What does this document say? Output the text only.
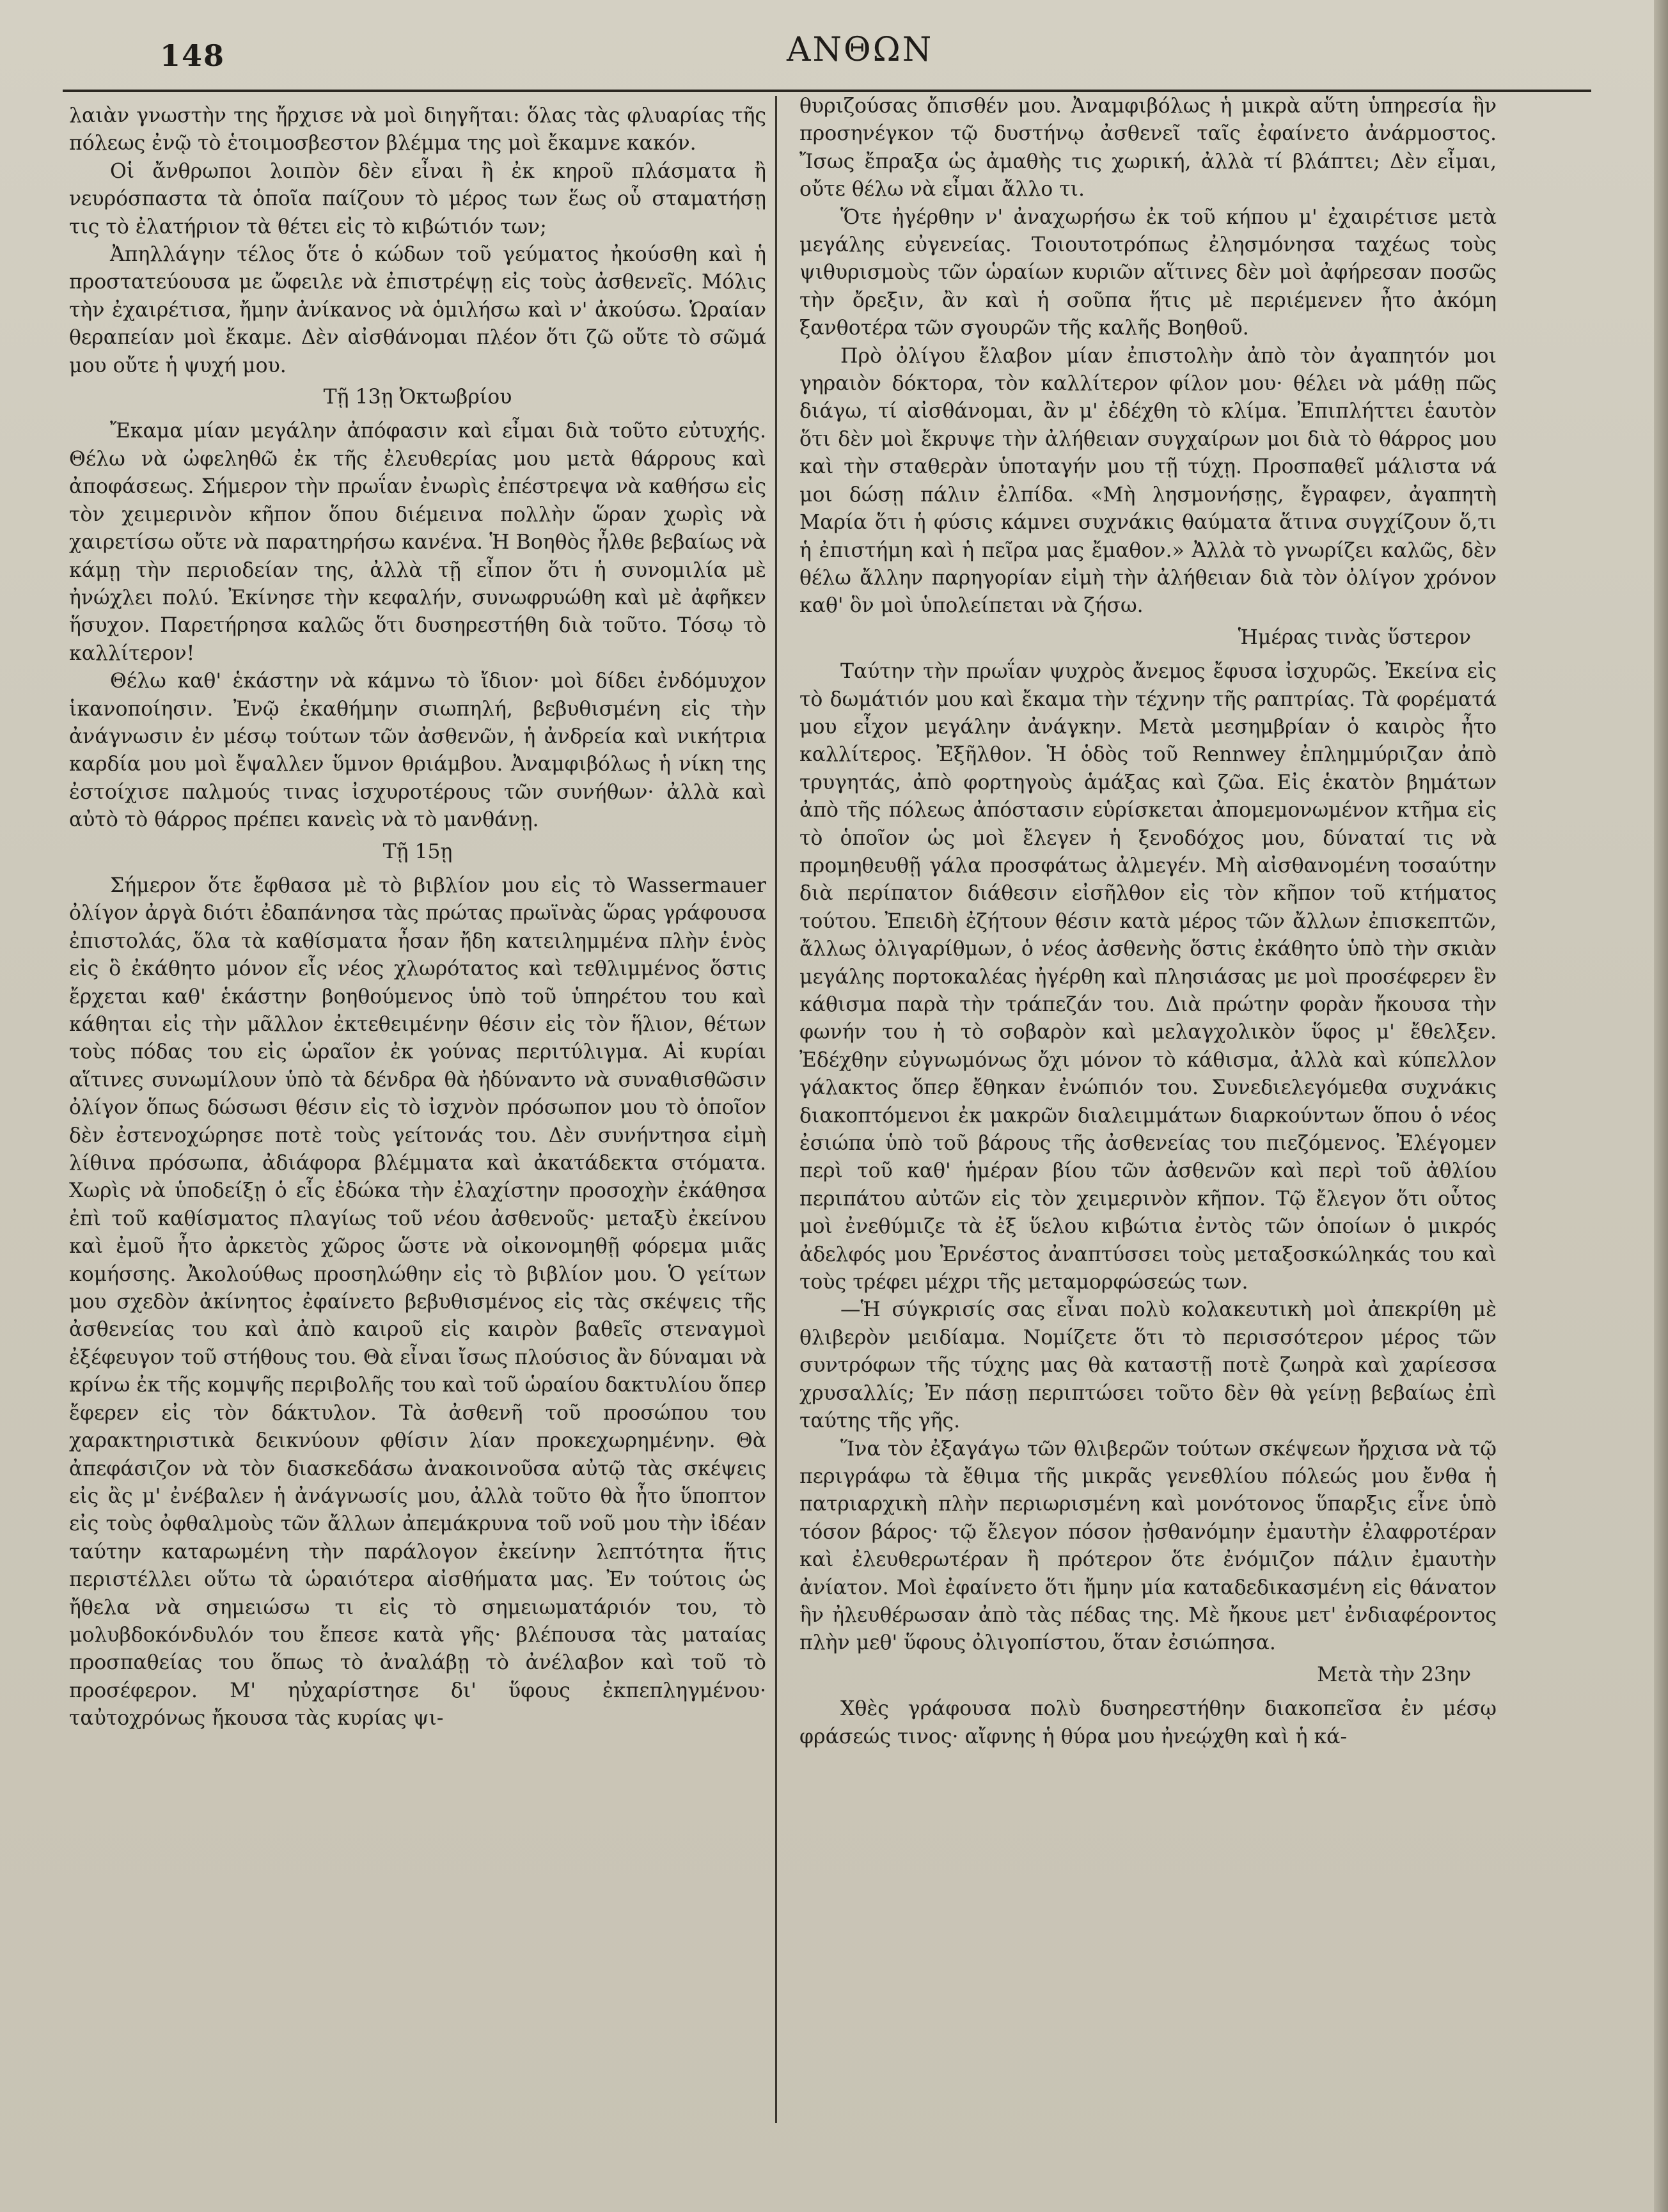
148	ΑΝΘΩΝ

λαιὰν γνωστὴν της ἤρχισε νὰ μοὶ διηγῆται: ὅλας τὰς φλυαρίας τῆς πόλεως ἐνῷ τὸ ἑτοιμοσβεστον βλέμμα της μοὶ ἔκαμνε κακόν.

Οἱ ἄνθρωποι λοιπὸν δὲν εἶναι ἢ ἐκ κηροῦ πλάσματα ἢ νευρόσπαστα τὰ ὁποῖα παίζουν τὸ μέρος των ἕως οὗ σταματήσῃ τις τὸ ἐλατήριον τὰ θέτει εἰς τὸ κιβώτιόν των;

Ἀπηλλάγην τέλος ὅτε ὁ κώδων τοῦ γεύματος ἠκούσθη καὶ ἡ προστατεύουσα με ὤφειλε νὰ ἐπιστρέψῃ εἰς τοὺς ἀσθενεῖς. Μόλις τὴν ἐχαιρέτισα, ἤμην ἀνίκανος νὰ ὁμιλήσω καὶ ν' ἀκούσω. Ὡραίαν θεραπείαν μοὶ ἔκαμε. Δὲν αἰσθάνομαι πλέον ὅτι ζῶ οὔτε τὸ σῶμά μου οὔτε ἡ ψυχή μου.

Τῇ 13ῃ Ὀκτωβρίου

Ἔκαμα μίαν μεγάλην ἀπόφασιν καὶ εἶμαι διὰ τοῦτο εὐτυχής. Θέλω νὰ ὠφεληθῶ ἐκ τῆς ἐλευθερίας μου μετὰ θάρρους καὶ ἀποφάσεως. Σήμερον τὴν πρωΐαν ἐνωρὶς ἐπέστρεψα νὰ καθήσω εἰς τὸν χειμερινὸν κῆπον ὅπου διέμεινα πολλὴν ὥραν χωρὶς νὰ χαιρετίσω οὔτε νὰ παρατηρήσω κανένα. Ἡ Βοηθὸς ἦλθε βεβαίως νὰ κάμῃ τὴν περιοδείαν της, ἀλλὰ τῇ εἶπον ὅτι ἡ συνομιλία μὲ ἠνώχλει πολύ. Ἐκίνησε τὴν κεφαλήν, συνωφρυώθη καὶ μὲ ἀφῆκεν ἥσυχον. Παρετήρησα καλῶς ὅτι δυσηρεστήθη διὰ τοῦτο. Τόσῳ τὸ καλλίτερον!

Θέλω καθ' ἑκάστην νὰ κάμνω τὸ ἴδιον· μοὶ δίδει ἐνδόμυχον ἱκανοποίησιν. Ἐνῷ ἐκαθήμην σιωπηλή, βεβυθισμένη εἰς τὴν ἀνάγνωσιν ἐν μέσῳ τούτων τῶν ἀσθενῶν, ἡ ἀνδρεία καὶ νικήτρια καρδία μου μοὶ ἔψαλλεν ὕμνον θριάμβου. Ἀναμφιβόλως ἡ νίκη της ἐστοίχισε παλμούς τινας ἰσχυροτέρους τῶν συνήθων· ἀλλὰ καὶ αὐτὸ τὸ θάρρος πρέπει κανεὶς νὰ τὸ μανθάνῃ.

Τῇ 15ῃ

Σήμερον ὅτε ἔφθασα μὲ τὸ βιβλίον μου εἰς τὸ Wassermauer ὀλίγον ἀργὰ διότι ἐδαπάνησα τὰς πρώτας πρωϊνὰς ὥρας γράφουσα ἐπιστολάς, ὅλα τὰ καθίσματα ἦσαν ἤδη κατειλημμένα πλὴν ἑνὸς εἰς ὃ ἐκάθητο μόνον εἷς νέος χλωρότατος καὶ τεθλιμμένος ὅστις ἔρχεται καθ' ἑκάστην βοηθούμενος ὑπὸ τοῦ ὑπηρέτου του καὶ κάθηται εἰς τὴν μᾶλλον ἐκτεθειμένην θέσιν εἰς τὸν ἥλιον, θέτων τοὺς πόδας του εἰς ὡραῖον ἐκ γούνας περιτύλιγμα. Αἱ κυρίαι αἵτινες συνωμίλουν ὑπὸ τὰ δένδρα θὰ ἠδύναντο νὰ συναθισθῶσιν ὀλίγον ὅπως δώσωσι θέσιν εἰς τὸ ἰσχνὸν πρόσωπον μου τὸ ὁποῖον δὲν ἐστενοχώρησε ποτὲ τοὺς γείτονάς του. Δὲν συνήντησα εἰμὴ λίθινα πρόσωπα, ἀδιάφορα βλέμματα καὶ ἀκατάδεκτα στόματα. Χωρὶς νὰ ὑποδείξῃ ὁ εἷς ἐδώκα τὴν ἐλαχίστην προσοχὴν ἐκάθησα ἐπὶ τοῦ καθίσματος πλαγίως τοῦ νέου ἀσθενοῦς· μεταξὺ ἐκείνου καὶ ἐμοῦ ἦτο ἀρκετὸς χῶρος ὥστε νὰ οἰκονομηθῇ φόρεμα μιᾶς κομήσσης. Ἀκολούθως προσηλώθην εἰς τὸ βιβλίον μου. Ὁ γείτων μου σχεδὸν ἀκίνητος ἐφαίνετο βεβυθισμένος εἰς τὰς σκέψεις τῆς ἀσθενείας του καὶ ἀπὸ καιροῦ εἰς καιρὸν βαθεῖς στεναγμοὶ ἐξέφευγον τοῦ στήθους του. Θὰ εἶναι ἴσως πλούσιος ἂν δύναμαι νὰ κρίνω ἐκ τῆς κομψῆς περιβολῆς του καὶ τοῦ ὡραίου δακτυλίου ὅπερ ἔφερεν εἰς τὸν δάκτυλον. Τὰ ἀσθενῆ τοῦ προσώπου του χαρακτηριστικὰ δεικνύουν φθίσιν λίαν προκεχωρημένην. Θὰ ἀπεφάσιζον νὰ τὸν διασκεδάσω ἀνακοινοῦσα αὐτῷ τὰς σκέψεις εἰς ἂς μ' ἐνέβαλεν ἡ ἀνάγνωσίς μου, ἀλλὰ τοῦτο θὰ ἦτο ὕποπτον εἰς τοὺς ὀφθαλμοὺς τῶν ἄλλων ἀπεμάκρυνα τοῦ νοῦ μου τὴν ἰδέαν ταύτην καταρωμένη τὴν παράλογον ἐκείνην λεπτότητα ἥτις περιστέλλει οὕτω τὰ ὡραιότερα αἰσθήματα μας. Ἐν τούτοις ὡς ἤθελα νὰ σημειώσω τι εἰς τὸ σημειωματάριόν του, τὸ μολυβδοκόνδυλόν του ἔπεσε κατὰ γῆς· βλέπουσα τὰς ματαίας προσπαθείας του ὅπως τὸ ἀναλάβῃ τὸ ἀνέλαβον καὶ τοῦ τὸ προσέφερον. Μ' ηὐχαρίστησε δι' ὕφους ἐκπεπληγμένου· ταὐτοχρόνως ἤκουσα τὰς κυρίας ψι-

θυριζούσας ὄπισθέν μου. Ἀναμφιβόλως ἡ μικρὰ αὕτη ὑπηρεσία ἣν προσηνέγκον τῷ δυστήνῳ ἀσθενεῖ ταῖς ἐφαίνετο ἀνάρμοστος. Ἴσως ἔπραξα ὡς ἀμαθὴς τις χωρική, ἀλλὰ τί βλάπτει; Δὲν εἶμαι, οὔτε θέλω νὰ εἶμαι ἄλλο τι.

Ὅτε ἠγέρθην ν' ἀναχωρήσω ἐκ τοῦ κήπου μ' ἐχαιρέτισε μετὰ μεγάλης εὐγενείας. Τοιουτοτρόπως ἐλησμόνησα ταχέως τοὺς ψιθυρισμοὺς τῶν ὡραίων κυριῶν αἵτινες δὲν μοὶ ἀφήρεσαν ποσῶς τὴν ὄρεξιν, ἂν καὶ ἡ σοῦπα ἥτις μὲ περιέμενεν ἦτο ἀκόμη ξανθοτέρα τῶν σγουρῶν τῆς καλῆς Βοηθοῦ.

Πρὸ ὀλίγου ἔλαβον μίαν ἐπιστολὴν ἀπὸ τὸν ἀγαπητόν μοι γηραιὸν δόκτορα, τὸν καλλίτερον φίλον μου· θέλει νὰ μάθῃ πῶς διάγω, τί αἰσθάνομαι, ἂν μ' ἐδέχθη τὸ κλίμα. Ἐπιπλήττει ἑαυτὸν ὅτι δὲν μοὶ ἔκρυψε τὴν ἀλήθειαν συγχαίρων μοι διὰ τὸ θάρρος μου καὶ τὴν σταθερὰν ὑποταγήν μου τῇ τύχῃ. Προσπαθεῖ μάλιστα νά μοι δώσῃ πάλιν ἐλπίδα. «Μὴ λησμονήσῃς, ἔγραφεν, ἀγαπητὴ Μαρία ὅτι ἡ φύσις κάμνει συχνάκις θαύματα ἅτινα συγχίζουν ὅ,τι ἡ ἐπιστήμη καὶ ἡ πεῖρα μας ἔμαθον.» Ἀλλὰ τὸ γνωρίζει καλῶς, δὲν θέλω ἄλλην παρηγορίαν εἰμὴ τὴν ἀλήθειαν διὰ τὸν ὀλίγον χρόνον καθ' ὃν μοὶ ὑπολείπεται νὰ ζήσω.

Ἡμέρας τινὰς ὕστερον

Ταύτην τὴν πρωΐαν ψυχρὸς ἄνεμος ἔφυσα ἰσχυρῶς. Ἐκείνα εἰς τὸ δωμάτιόν μου καὶ ἔκαμα τὴν τέχνην τῆς ραπτρίας. Τὰ φορέματά μου εἶχον μεγάλην ἀνάγκην. Μετὰ μεσημβρίαν ὁ καιρὸς ἦτο καλλίτερος. Ἐξῆλθον. Ἡ ὁδὸς τοῦ Rennwey ἐπλημμύριζαν ἀπὸ τρυγητάς, ἀπὸ φορτηγοὺς ἁμάξας καὶ ζῶα. Εἰς ἑκατὸν βημάτων ἀπὸ τῆς πόλεως ἀπόστασιν εὑρίσκεται ἀπομεμονωμένον κτῆμα εἰς τὸ ὁποῖον ὡς μοὶ ἔλεγεν ἡ ξενοδόχος μου, δύναταί τις νὰ προμηθευθῇ γάλα προσφάτως ἀλμεγέν. Μὴ αἰσθανομένη τοσαύτην διὰ περίπατον διάθεσιν εἰσῆλθον εἰς τὸν κῆπον τοῦ κτήματος τούτου. Ἐπειδὴ ἐζήτουν θέσιν κατὰ μέρος τῶν ἄλλων ἐπισκεπτῶν, ἄλλως ὀλιγαρίθμων, ὁ νέος ἀσθενὴς ὅστις ἐκάθητο ὑπὸ τὴν σκιὰν μεγάλης πορτοκαλέας ἠγέρθη καὶ πλησιάσας με μοὶ προσέφερεν ἓν κάθισμα παρὰ τὴν τράπεζάν του. Διὰ πρώτην φορὰν ἤκουσα τὴν φωνήν του ἡ τὸ σοβαρὸν καὶ μελαγχολικὸν ὕφος μ' ἔθελξεν. Ἐδέχθην εὐγνωμόνως ὄχι μόνον τὸ κάθισμα, ἀλλὰ καὶ κύπελλον γάλακτος ὅπερ ἔθηκαν ἐνώπιόν του. Συνεδιελεγόμεθα συχνάκις διακοπτόμενοι ἐκ μακρῶν διαλειμμάτων διαρκούντων ὅπου ὁ νέος ἐσιώπα ὑπὸ τοῦ βάρους τῆς ἀσθενείας του πιεζόμενος. Ἐλέγομεν περὶ τοῦ καθ' ἡμέραν βίου τῶν ἀσθενῶν καὶ περὶ τοῦ ἀθλίου περιπάτου αὐτῶν εἰς τὸν χειμερινὸν κῆπον. Τῷ ἔλεγον ὅτι οὗτος μοὶ ἐνεθύμιζε τὰ ἐξ ὕελου κιβώτια ἐντὸς τῶν ὁποίων ὁ μικρός ἀδελφός μου Ἐρνέστος ἀναπτύσσει τοὺς μεταξοσκώληκάς του καὶ τοὺς τρέφει μέχρι τῆς μεταμορφώσεώς των.

—Ἡ σύγκρισίς σας εἶναι πολὺ κολακευτικὴ μοὶ ἀπεκρίθη μὲ θλιβερὸν μειδίαμα. Νομίζετε ὅτι τὸ περισσότερον μέρος τῶν συντρόφων τῆς τύχης μας θὰ καταστῇ ποτὲ ζωηρὰ καὶ χαρίεσσα χρυσαλλίς; Ἐν πάσῃ περιπτώσει τοῦτο δὲν θὰ γείνῃ βεβαίως ἐπὶ ταύτης τῆς γῆς.

Ἵνα τὸν ἐξαγάγω τῶν θλιβερῶν τούτων σκέψεων ἤρχισα νὰ τῷ περιγράφω τὰ ἔθιμα τῆς μικρᾶς γενεθλίου πόλεώς μου ἔνθα ἡ πατριαρχικὴ πλὴν περιωρισμένη καὶ μονότονος ὕπαρξις εἶνε ὑπὸ τόσον βάρος· τῷ ἔλεγον πόσον ᾐσθανόμην ἐμαυτὴν ἐλαφροτέραν καὶ ἐλευθερωτέραν ἢ πρότερον ὅτε ἐνόμιζον πάλιν ἐμαυτὴν ἀνίατον. Μοὶ ἐφαίνετο ὅτι ἤμην μία καταδεδικασμένη εἰς θάνατον ἣν ἠλευθέρωσαν ἀπὸ τὰς πέδας της. Μὲ ἤκουε μετ' ἐνδιαφέροντος πλὴν μεθ' ὕφους ὀλιγοπίστου, ὅταν ἐσιώπησα.

Μετὰ τὴν 23ην

Χθὲς γράφουσα πολὺ δυσηρεστήθην διακοπεῖσα ἐν μέσῳ φράσεώς τινος· αἴφνης ἡ θύρα μου ἠνεῴχθη καὶ ἡ κά-
